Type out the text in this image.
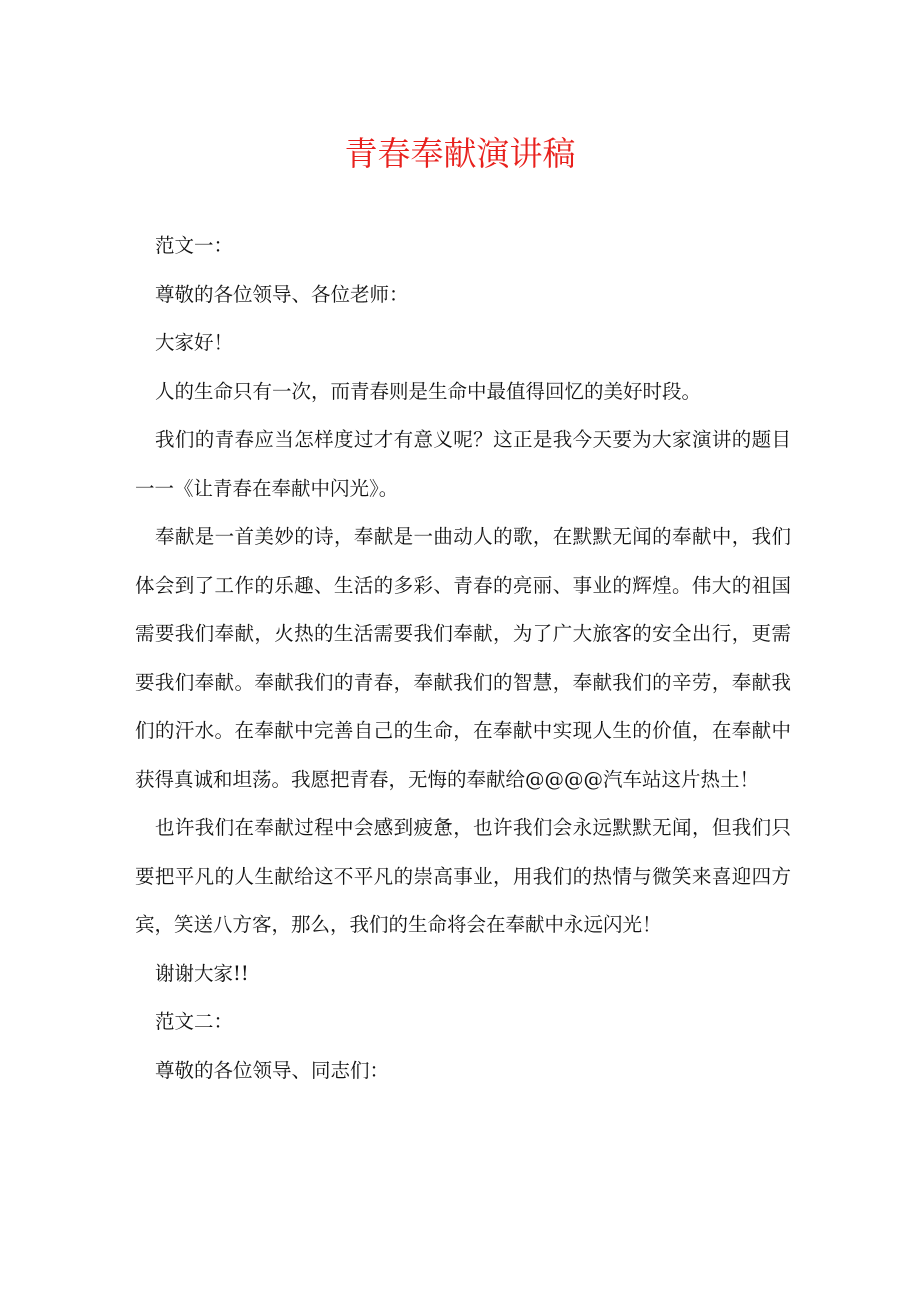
青春奉献演讲稿

范文一：

尊敬的各位领导、各位老师：

大家好！

人的生命只有一次，而青春则是生命中最值得回忆的美好时段。

我们的青春应当怎样度过才有意义呢？这正是我今天要为大家演讲的题目一一《让青春在奉献中闪光》。

奉献是一首美妙的诗，奉献是一曲动人的歌，在默默无闻的奉献中，我们体会到了工作的乐趣、生活的多彩、青春的亮丽、事业的辉煌。伟大的祖国需要我们奉献，火热的生活需要我们奉献，为了广大旅客的安全出行，更需要我们奉献。奉献我们的青春，奉献我们的智慧，奉献我们的辛劳，奉献我们的汗水。在奉献中完善自己的生命，在奉献中实现人生的价值，在奉献中获得真诚和坦荡。我愿把青春，无悔的奉献给@@@@汽车站这片热土！

也许我们在奉献过程中会感到疲惫，也许我们会永远默默无闻，但我们只要把平凡的人生献给这不平凡的崇高事业，用我们的热情与微笑来喜迎四方宾，笑送八方客，那么，我们的生命将会在奉献中永远闪光！

谢谢大家!!

范文二：

尊敬的各位领导、同志们：
